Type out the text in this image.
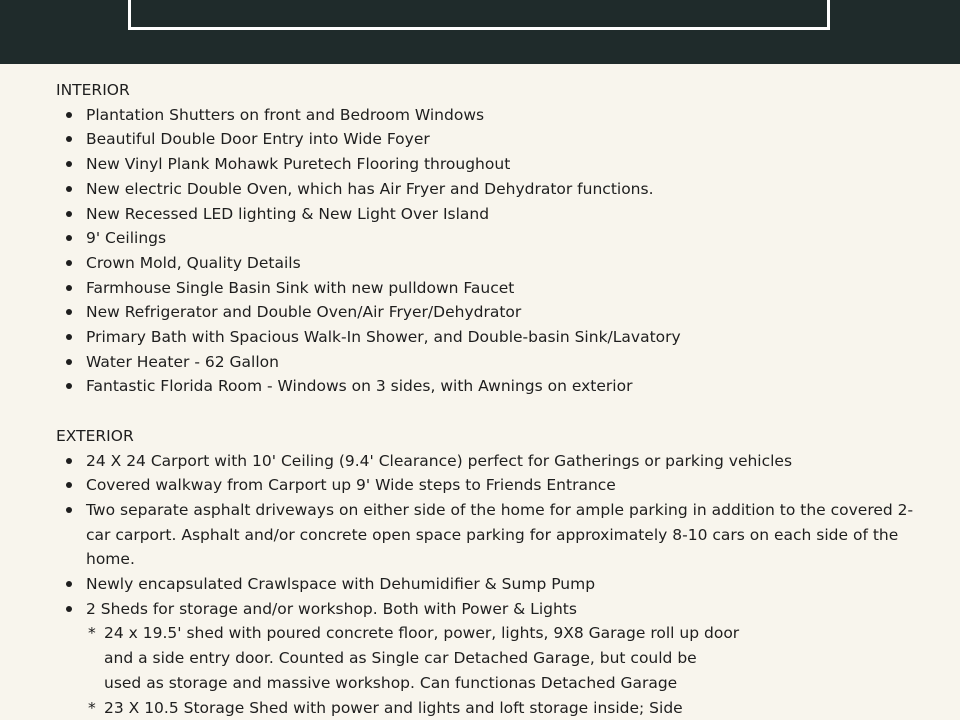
INTERIOR
Plantation Shutters on front and Bedroom Windows
Beautiful Double Door Entry into Wide Foyer
New Vinyl Plank Mohawk Puretech Flooring throughout
New electric Double Oven, which has Air Fryer and Dehydrator functions.
New Recessed LED lighting & New Light Over Island
9' Ceilings
Crown Mold, Quality Details
Farmhouse Single Basin Sink with new pulldown Faucet
New Refrigerator and Double Oven/Air Fryer/Dehydrator
Primary Bath with Spacious Walk-In Shower, and Double-basin Sink/Lavatory
Water Heater - 62 Gallon
Fantastic Florida Room - Windows on 3 sides, with Awnings on exterior
EXTERIOR
24 X 24 Carport with 10' Ceiling (9.4' Clearance) perfect for Gatherings or parking vehicles
Covered walkway from Carport up 9' Wide steps to Friends Entrance
Two separate asphalt driveways on either side of the home for ample parking in addition to the covered 2-car carport. Asphalt and/or concrete open space parking for approximately 8-10 cars on each side of the home.
Newly encapsulated Crawlspace with Dehumidifier & Sump Pump
2 Sheds for storage and/or workshop. Both with Power & Lights
* 24 x 19.5' shed with poured concrete floor, power, lights, 9X8 Garage roll up door
and a side entry door. Counted as Single car Detached Garage, but could be
used as storage and massive workshop. Can functionas Detached Garage
* 23 X 10.5 Storage Shed with power and lights and loft storage inside; Side
